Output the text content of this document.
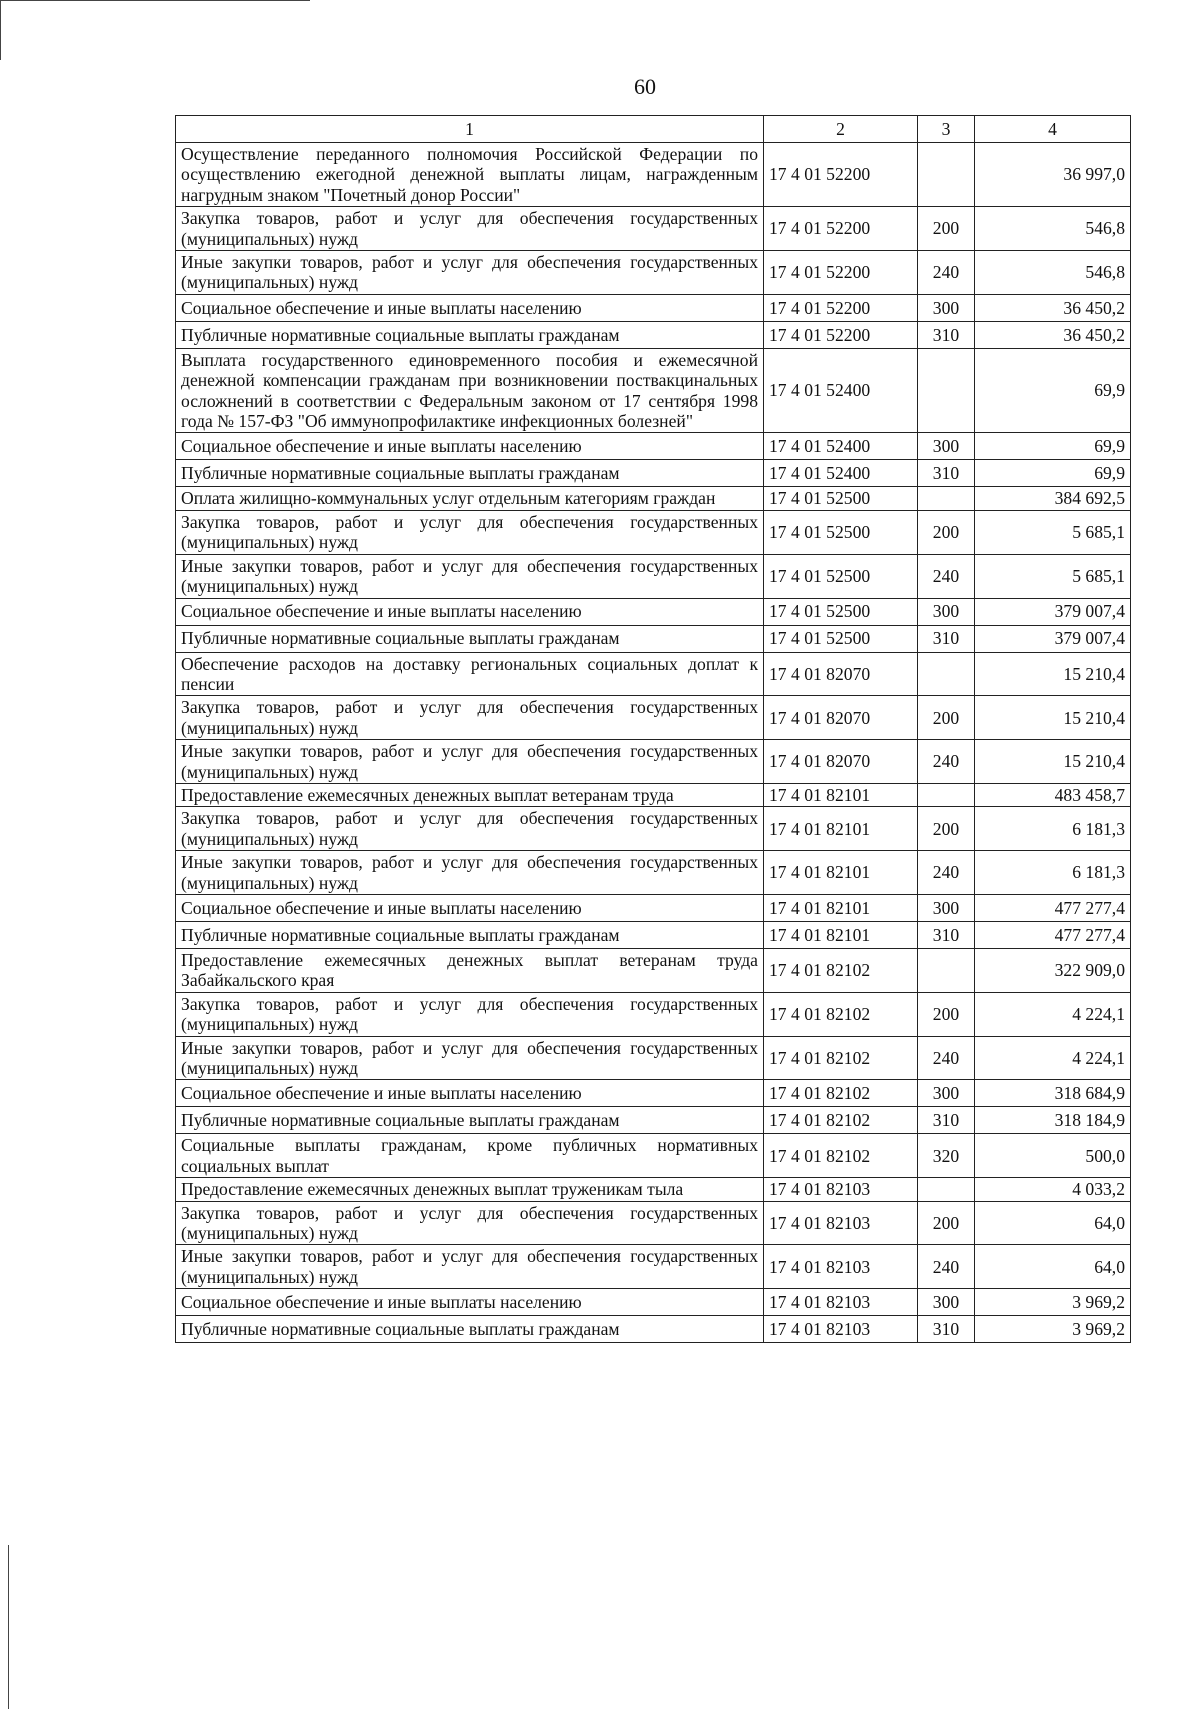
60
1	2	3	4
Осуществление переданного полномочия Российской Федерации по осуществлению ежегодной денежной выплаты лицам, награжденным нагрудным знаком "Почетный донор России"	17 4 01 52200		36 997,0
Закупка товаров, работ и услуг для обеспечения государственных (муниципальных) нужд	17 4 01 52200	200	546,8
Иные закупки товаров, работ и услуг для обеспечения государственных (муниципальных) нужд	17 4 01 52200	240	546,8
Социальное обеспечение и иные выплаты населению	17 4 01 52200	300	36 450,2
Публичные нормативные социальные выплаты гражданам	17 4 01 52200	310	36 450,2
Выплата государственного единовременного пособия и ежемесячной денежной компенсации гражданам при возникновении поствакцинальных осложнений в соответствии с Федеральным законом от 17 сентября 1998 года № 157-ФЗ "Об иммунопрофилактике инфекционных болезней"	17 4 01 52400		69,9
Социальное обеспечение и иные выплаты населению	17 4 01 52400	300	69,9
Публичные нормативные социальные выплаты гражданам	17 4 01 52400	310	69,9
Оплата жилищно-коммунальных услуг отдельным категориям граждан	17 4 01 52500		384 692,5
Закупка товаров, работ и услуг для обеспечения государственных (муниципальных) нужд	17 4 01 52500	200	5 685,1
Иные закупки товаров, работ и услуг для обеспечения государственных (муниципальных) нужд	17 4 01 52500	240	5 685,1
Социальное обеспечение и иные выплаты населению	17 4 01 52500	300	379 007,4
Публичные нормативные социальные выплаты гражданам	17 4 01 52500	310	379 007,4
Обеспечение расходов на доставку региональных социальных доплат к пенсии	17 4 01 82070		15 210,4
Закупка товаров, работ и услуг для обеспечения государственных (муниципальных) нужд	17 4 01 82070	200	15 210,4
Иные закупки товаров, работ и услуг для обеспечения государственных (муниципальных) нужд	17 4 01 82070	240	15 210,4
Предоставление ежемесячных денежных выплат ветеранам труда	17 4 01 82101		483 458,7
Закупка товаров, работ и услуг для обеспечения государственных (муниципальных) нужд	17 4 01 82101	200	6 181,3
Иные закупки товаров, работ и услуг для обеспечения государственных (муниципальных) нужд	17 4 01 82101	240	6 181,3
Социальное обеспечение и иные выплаты населению	17 4 01 82101	300	477 277,4
Публичные нормативные социальные выплаты гражданам	17 4 01 82101	310	477 277,4
Предоставление ежемесячных денежных выплат ветеранам труда Забайкальского края	17 4 01 82102		322 909,0
Закупка товаров, работ и услуг для обеспечения государственных (муниципальных) нужд	17 4 01 82102	200	4 224,1
Иные закупки товаров, работ и услуг для обеспечения государственных (муниципальных) нужд	17 4 01 82102	240	4 224,1
Социальное обеспечение и иные выплаты населению	17 4 01 82102	300	318 684,9
Публичные нормативные социальные выплаты гражданам	17 4 01 82102	310	318 184,9
Социальные выплаты гражданам, кроме публичных нормативных социальных выплат	17 4 01 82102	320	500,0
Предоставление ежемесячных денежных выплат труженикам тыла	17 4 01 82103		4 033,2
Закупка товаров, работ и услуг для обеспечения государственных (муниципальных) нужд	17 4 01 82103	200	64,0
Иные закупки товаров, работ и услуг для обеспечения государственных (муниципальных) нужд	17 4 01 82103	240	64,0
Социальное обеспечение и иные выплаты населению	17 4 01 82103	300	3 969,2
Публичные нормативные социальные выплаты гражданам	17 4 01 82103	310	3 969,2
